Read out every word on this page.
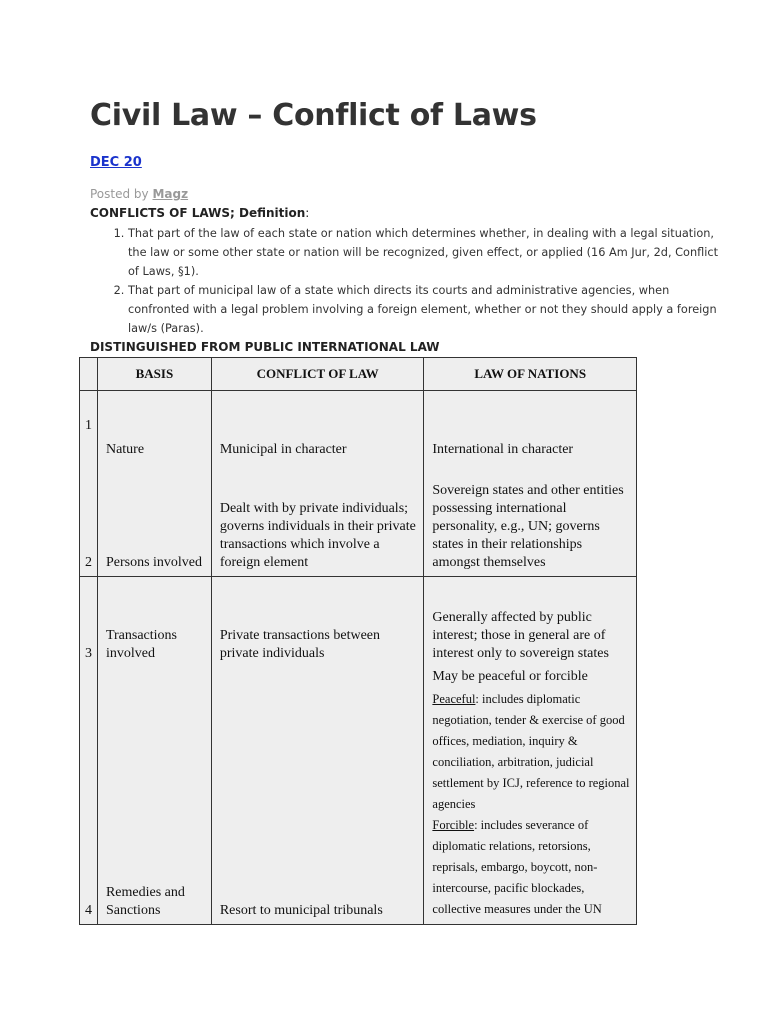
Civil Law – Conflict of Laws
DEC 20
Posted by Magz
CONFLICTS OF LAWS; Definition:
1. That part of the law of each state or nation which determines whether, in dealing with a legal situation, the law or some other state or nation will be recognized, given effect, or applied (16 Am Jur, 2d, Conflict of Laws, §1).
2. That part of municipal law of a state which directs its courts and administrative agencies, when confronted with a legal problem involving a foreign element, whether or not they should apply a foreign law/s (Paras).
DISTINGUISHED FROM PUBLIC INTERNATIONAL LAW
	BASIS	CONFLICT OF LAW	LAW OF NATIONS
1	Nature	Municipal in character	International in character
2	Persons involved	Dealt with by private individuals; governs individuals in their private transactions which involve a foreign element	Sovereign states and other entities possessing international personality, e.g., UN; governs states in their relationships amongst themselves
3	Transactions involved	Private transactions between private individuals	Generally affected by public interest; those in general are of interest only to sovereign states
4	Remedies and Sanctions	Resort to municipal tribunals	May be peaceful or forcible
Peaceful: includes diplomatic negotiation, tender & exercise of good offices, mediation, inquiry & conciliation, arbitration, judicial settlement by ICJ, reference to regional agencies
Forcible: includes severance of diplomatic relations, retorsions, reprisals, embargo, boycott, non-intercourse, pacific blockades, collective measures under the UN
